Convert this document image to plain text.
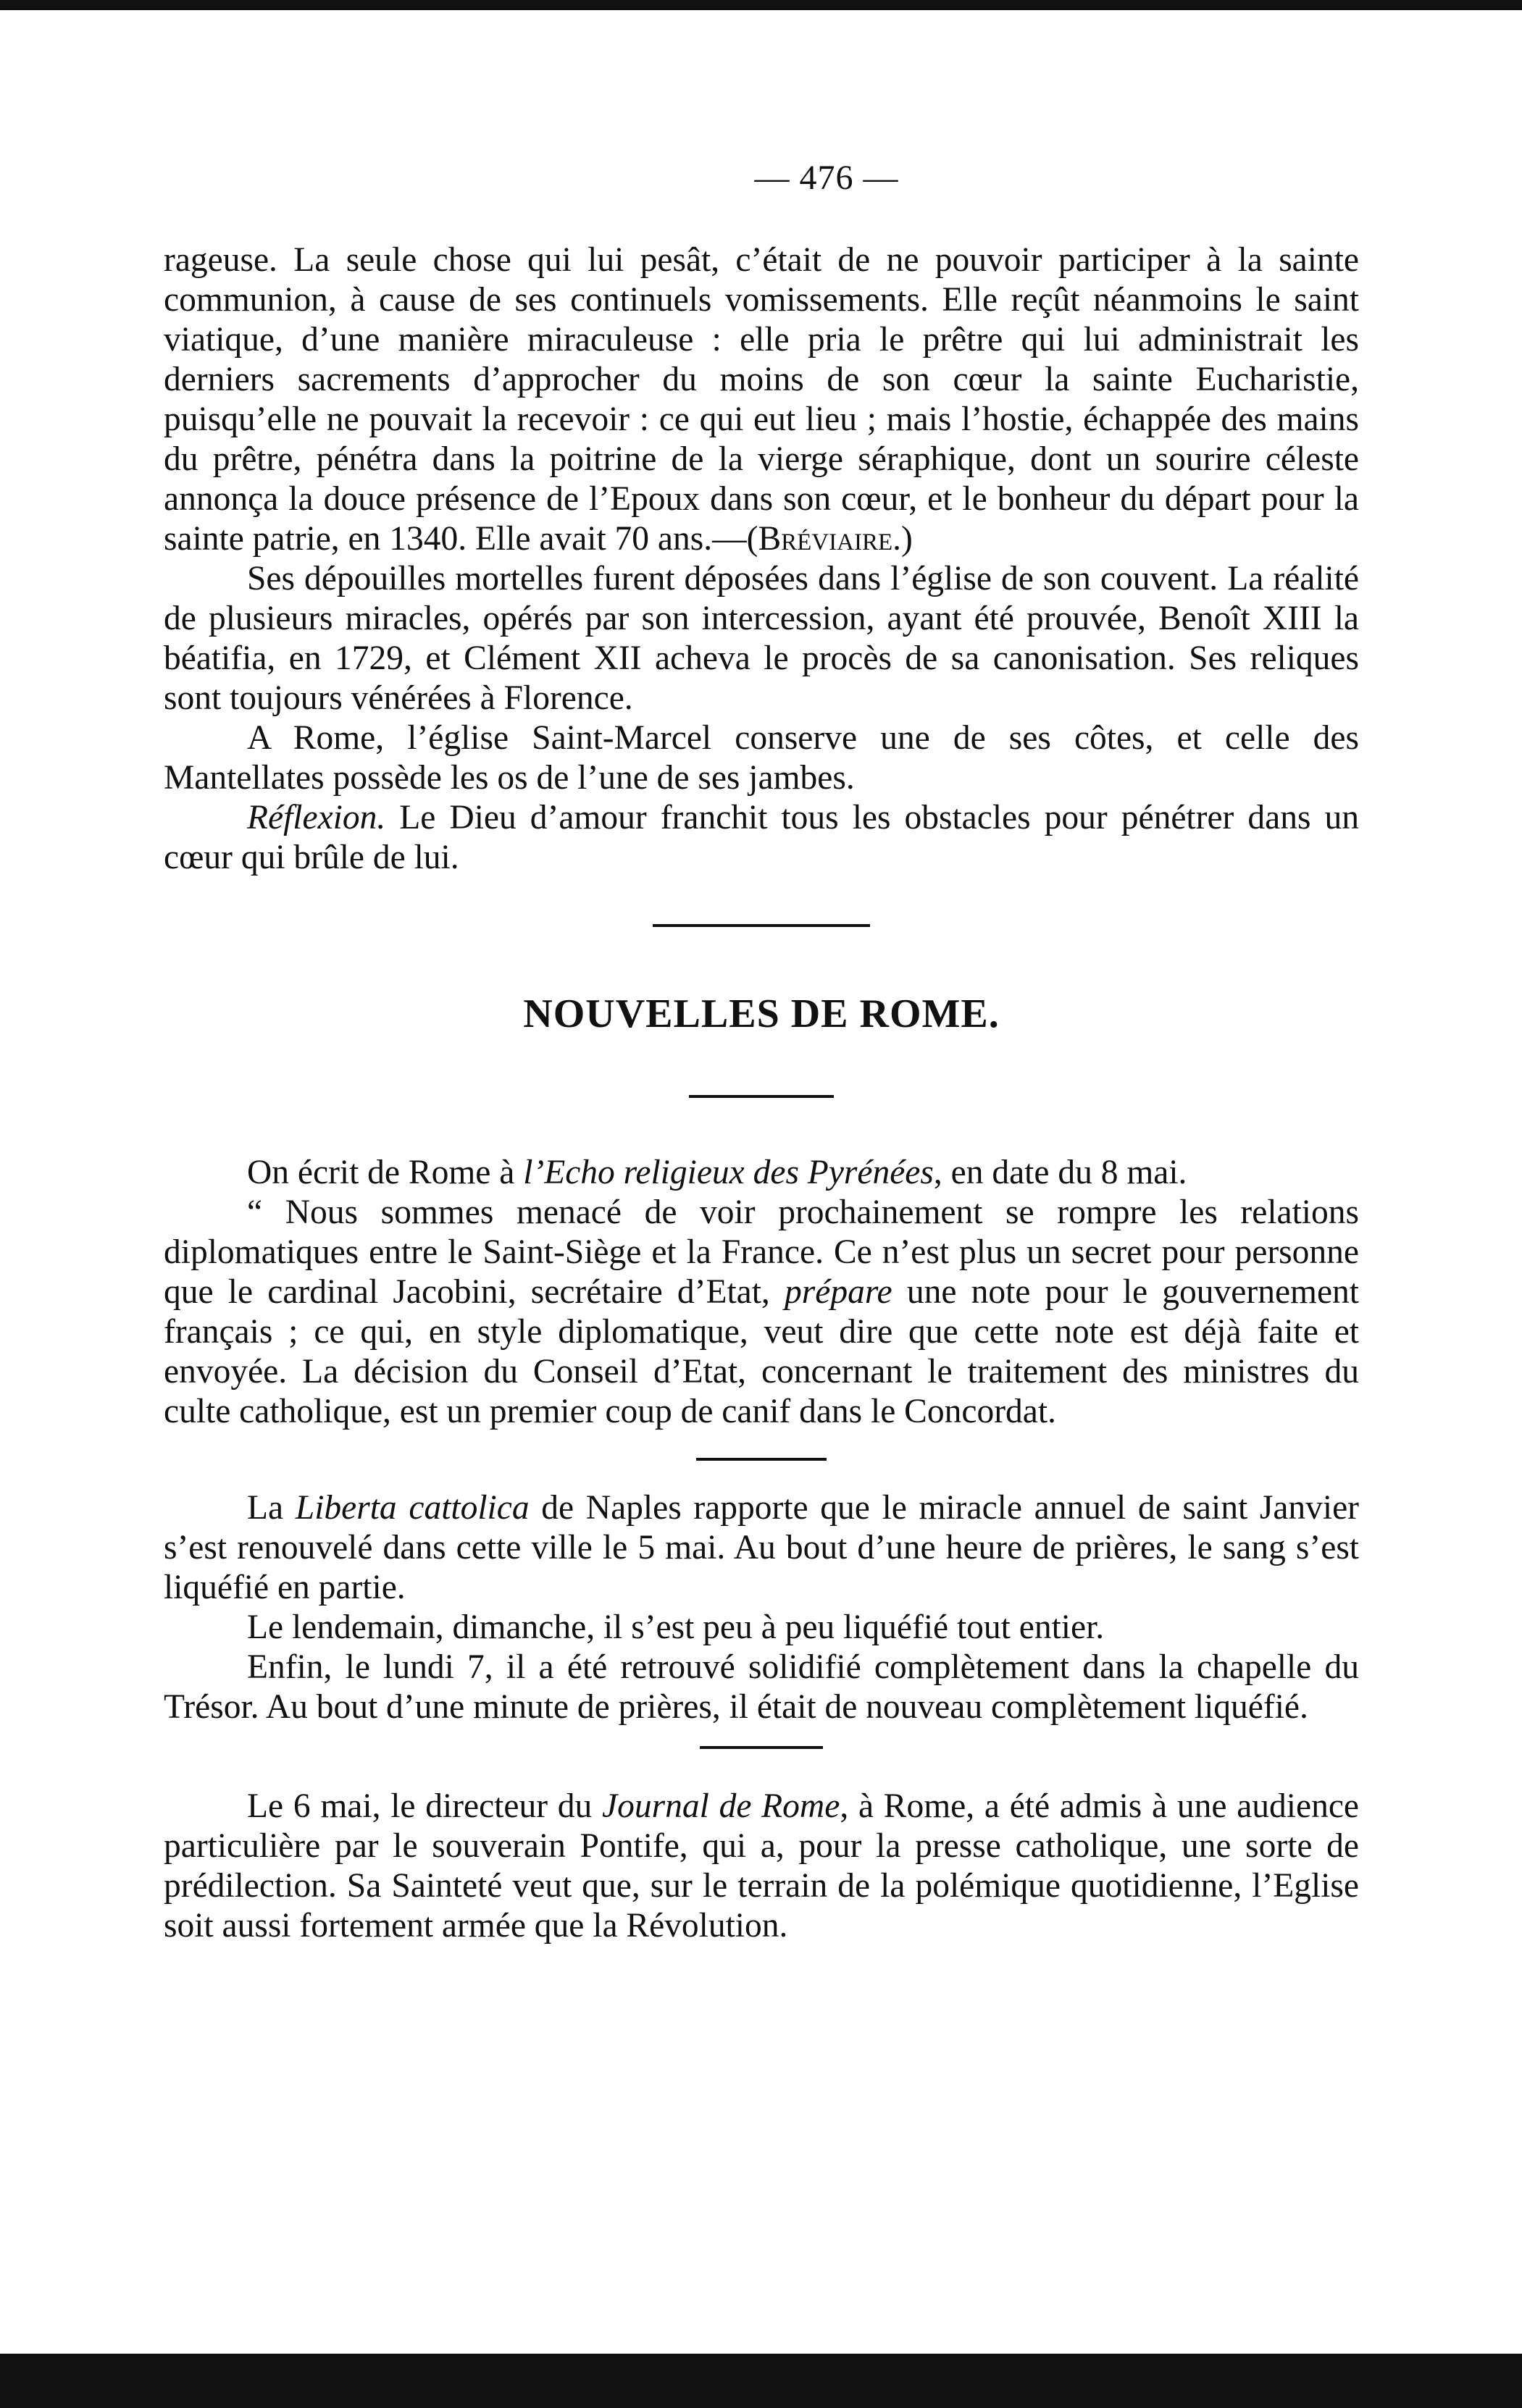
— 476 —

rageuse. La seule chose qui lui pesât, c’était de ne pouvoir participer à la sainte communion, à cause de ses continuels vomissements. Elle reçût néanmoins le saint viatique, d’une manière miraculeuse : elle pria le prêtre qui lui administrait les derniers sacrements d’approcher du moins de son cœur la sainte Eucharistie, puisqu’elle ne pouvait la recevoir : ce qui eut lieu ; mais l’hostie, échappée des mains du prêtre, pénétra dans la poitrine de la vierge séraphique, dont un sourire céleste annonça la douce présence de l’Epoux dans son cœur, et le bonheur du départ pour la sainte patrie, en 1340. Elle avait 70 ans.—(Bréviaire.)

Ses dépouilles mortelles furent déposées dans l’église de son couvent. La réalité de plusieurs miracles, opérés par son intercession, ayant été prouvée, Benoît XIII la béatifia, en 1729, et Clément XII acheva le procès de sa canonisation. Ses reliques sont toujours vénérées à Florence.

A Rome, l’église Saint-Marcel conserve une de ses côtes, et celle des Mantellates possède les os de l’une de ses jambes.

Réflexion. Le Dieu d’amour franchit tous les obstacles pour pénétrer dans un cœur qui brûle de lui.

NOUVELLES DE ROME.

On écrit de Rome à l’Echo religieux des Pyrénées, en date du 8 mai.

“ Nous sommes menacé de voir prochainement se rompre les relations diplomatiques entre le Saint-Siège et la France. Ce n’est plus un secret pour personne que le cardinal Jacobini, secrétaire d’Etat, prépare une note pour le gouvernement français ; ce qui, en style diplomatique, veut dire que cette note est déjà faite et envoyée. La décision du Conseil d’Etat, concernant le traitement des ministres du culte catholique, est un premier coup de canif dans le Concordat.

La Liberta cattolica de Naples rapporte que le miracle annuel de saint Janvier s’est renouvelé dans cette ville le 5 mai. Au bout d’une heure de prières, le sang s’est liquéfié en partie.

Le lendemain, dimanche, il s’est peu à peu liquéfié tout entier.

Enfin, le lundi 7, il a été retrouvé solidifié complètement dans la chapelle du Trésor. Au bout d’une minute de prières, il était de nouveau complètement liquéfié.

Le 6 mai, le directeur du Journal de Rome, à Rome, a été admis à une audience particulière par le souverain Pontife, qui a, pour la presse catholique, une sorte de prédilection. Sa Sainteté veut que, sur le terrain de la polémique quotidienne, l’Eglise soit aussi fortement armée que la Révolution.
